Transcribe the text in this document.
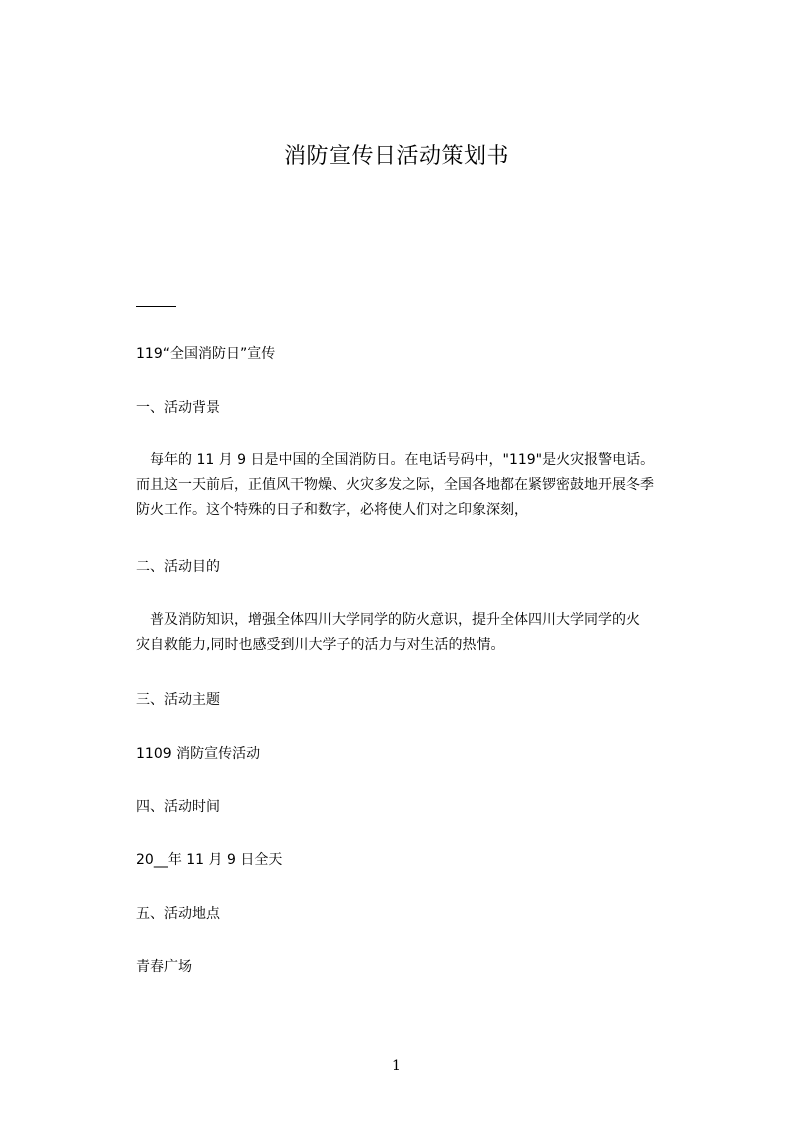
消防宣传日活动策划书
119“全国消防日”宣传
一、活动背景
　每年的 11 月 9 日是中国的全国消防日。在电话号码中，"119"是火灾报警电话。
而且这一天前后，正值风干物燥、火灾多发之际，全国各地都在紧锣密鼓地开展冬季
防火工作。这个特殊的日子和数字，必将使人们对之印象深刻，
二、活动目的
　普及消防知识，增强全体四川大学同学的防火意识，提升全体四川大学同学的火
灾自救能力,同时也感受到川大学子的活力与对生活的热情。
三、活动主题
1109 消防宣传活动
四、活动时间
20__年 11 月 9 日全天
五、活动地点
青春广场
1
